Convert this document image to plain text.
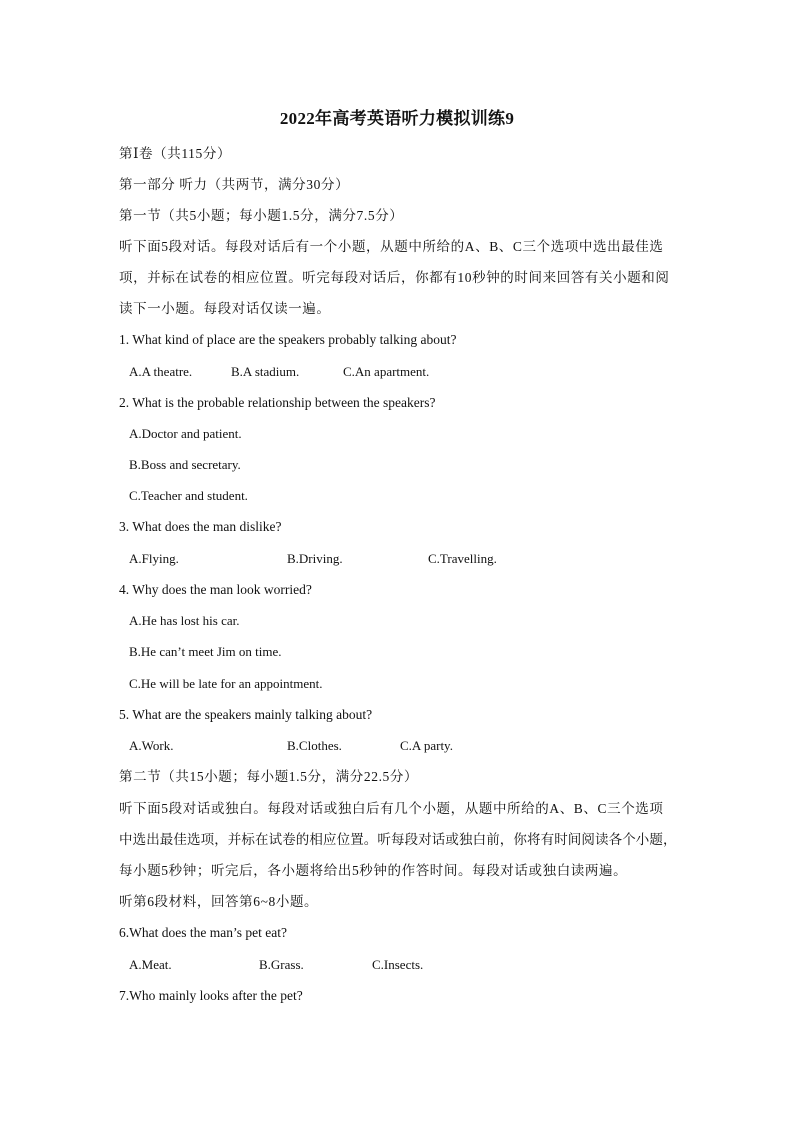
2022年高考英语听力模拟训练9
第Ⅰ卷（共115分）
第一部分 听力（共两节，满分30分）
第一节（共5小题；每小题1.5分，满分7.5分）
听下面5段对话。每段对话后有一个小题，从题中所给的A、B、C三个选项中选出最佳选
项，并标在试卷的相应位置。听完每段对话后，你都有10秒钟的时间来回答有关小题和阅
读下一小题。每段对话仅读一遍。
1. What kind of place are the speakers probably talking about?
A.A theatre.	B.A stadium.	C.An apartment.
2. What is the probable relationship between the speakers?
A.Doctor and patient.
B.Boss and secretary.
C.Teacher and student.
3. What does the man dislike?
A.Flying.	B.Driving.	C.Travelling.
4. Why does the man look worried?
A.He has lost his car.
B.He can’t meet Jim on time.
C.He will be late for an appointment.
5. What are the speakers mainly talking about?
A.Work.	B.Clothes.	C.A party.
第二节（共15小题；每小题1.5分，满分22.5分）
听下面5段对话或独白。每段对话或独白后有几个小题，从题中所给的A、B、C三个选项
中选出最佳选项，并标在试卷的相应位置。听每段对话或独白前，你将有时间阅读各个小题，
每小题5秒钟；听完后，各小题将给出5秒钟的作答时间。每段对话或独白读两遍。
听第6段材料，回答第6~8小题。
6.What does the man’s pet eat?
A.Meat.	B.Grass.	C.Insects.
7.Who mainly looks after the pet?
